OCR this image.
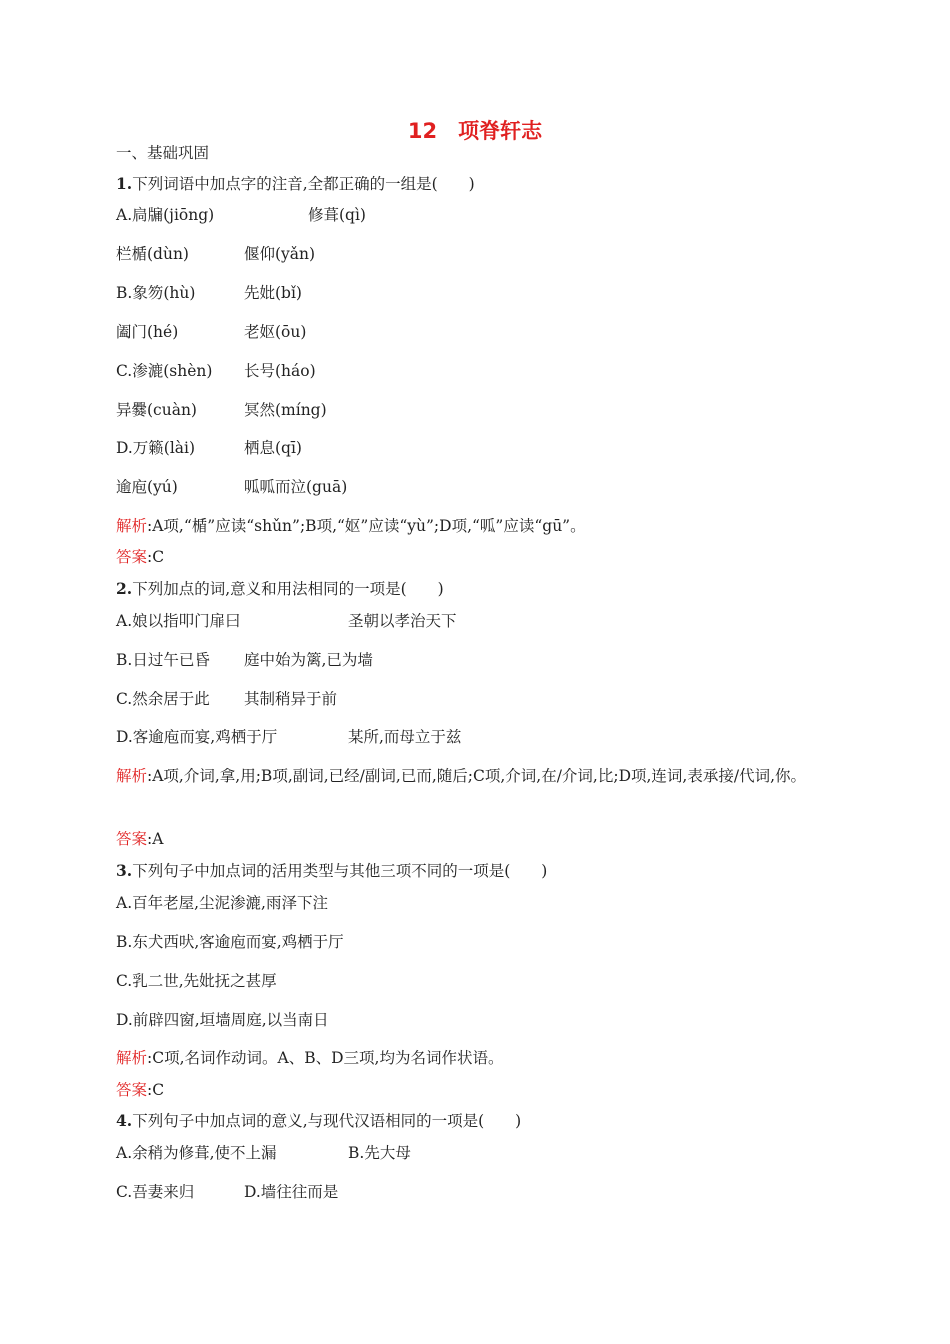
12　项脊轩志
一、基础巩固
1.下列词语中加点字的注音,全都正确的一组是(　　)
A.扃牖(jiōng)	修葺(qì)
栏楯(dùn)	偃仰(yǎn)
B.象笏(hù)	先妣(bǐ)
阖门(hé)	老妪(ōu)
C.渗漉(shèn) 长号(háo)
异爨(cuàn)	冥然(míng)
D.万籁(lài)	栖息(qī)
逾庖(yú)	呱呱而泣(guā)
解析:A项,“楯”应读“shǔn”;B项,“妪”应读“yù”;D项,“呱”应读“gū”。
答案:C
2.下列加点的词,意义和用法相同的一项是(　　)
A.娘以指叩门扉曰	圣朝以孝治天下
B.日过午已昏 庭中始为篱,已为墙
C.然余居于此 其制稍异于前
D.客逾庖而宴,鸡栖于厅	某所,而母立于兹
解析:A项,介词,拿,用;B项,副词,已经/副词,已而,随后;C项,介词,在/介词,比;D项,连词,表承接/代词,你。
答案:A
3.下列句子中加点词的活用类型与其他三项不同的一项是(　　)
A.百年老屋,尘泥渗漉,雨泽下注
B.东犬西吠,客逾庖而宴,鸡栖于厅
C.乳二世,先妣抚之甚厚
D.前辟四窗,垣墙周庭,以当南日
解析:C项,名词作动词。A、B、D三项,均为名词作状语。
答案:C
4.下列句子中加点词的意义,与现代汉语相同的一项是(　　)
A.余稍为修葺,使不上漏	B.先大母
C.吾妻来归	D.墙往往而是
